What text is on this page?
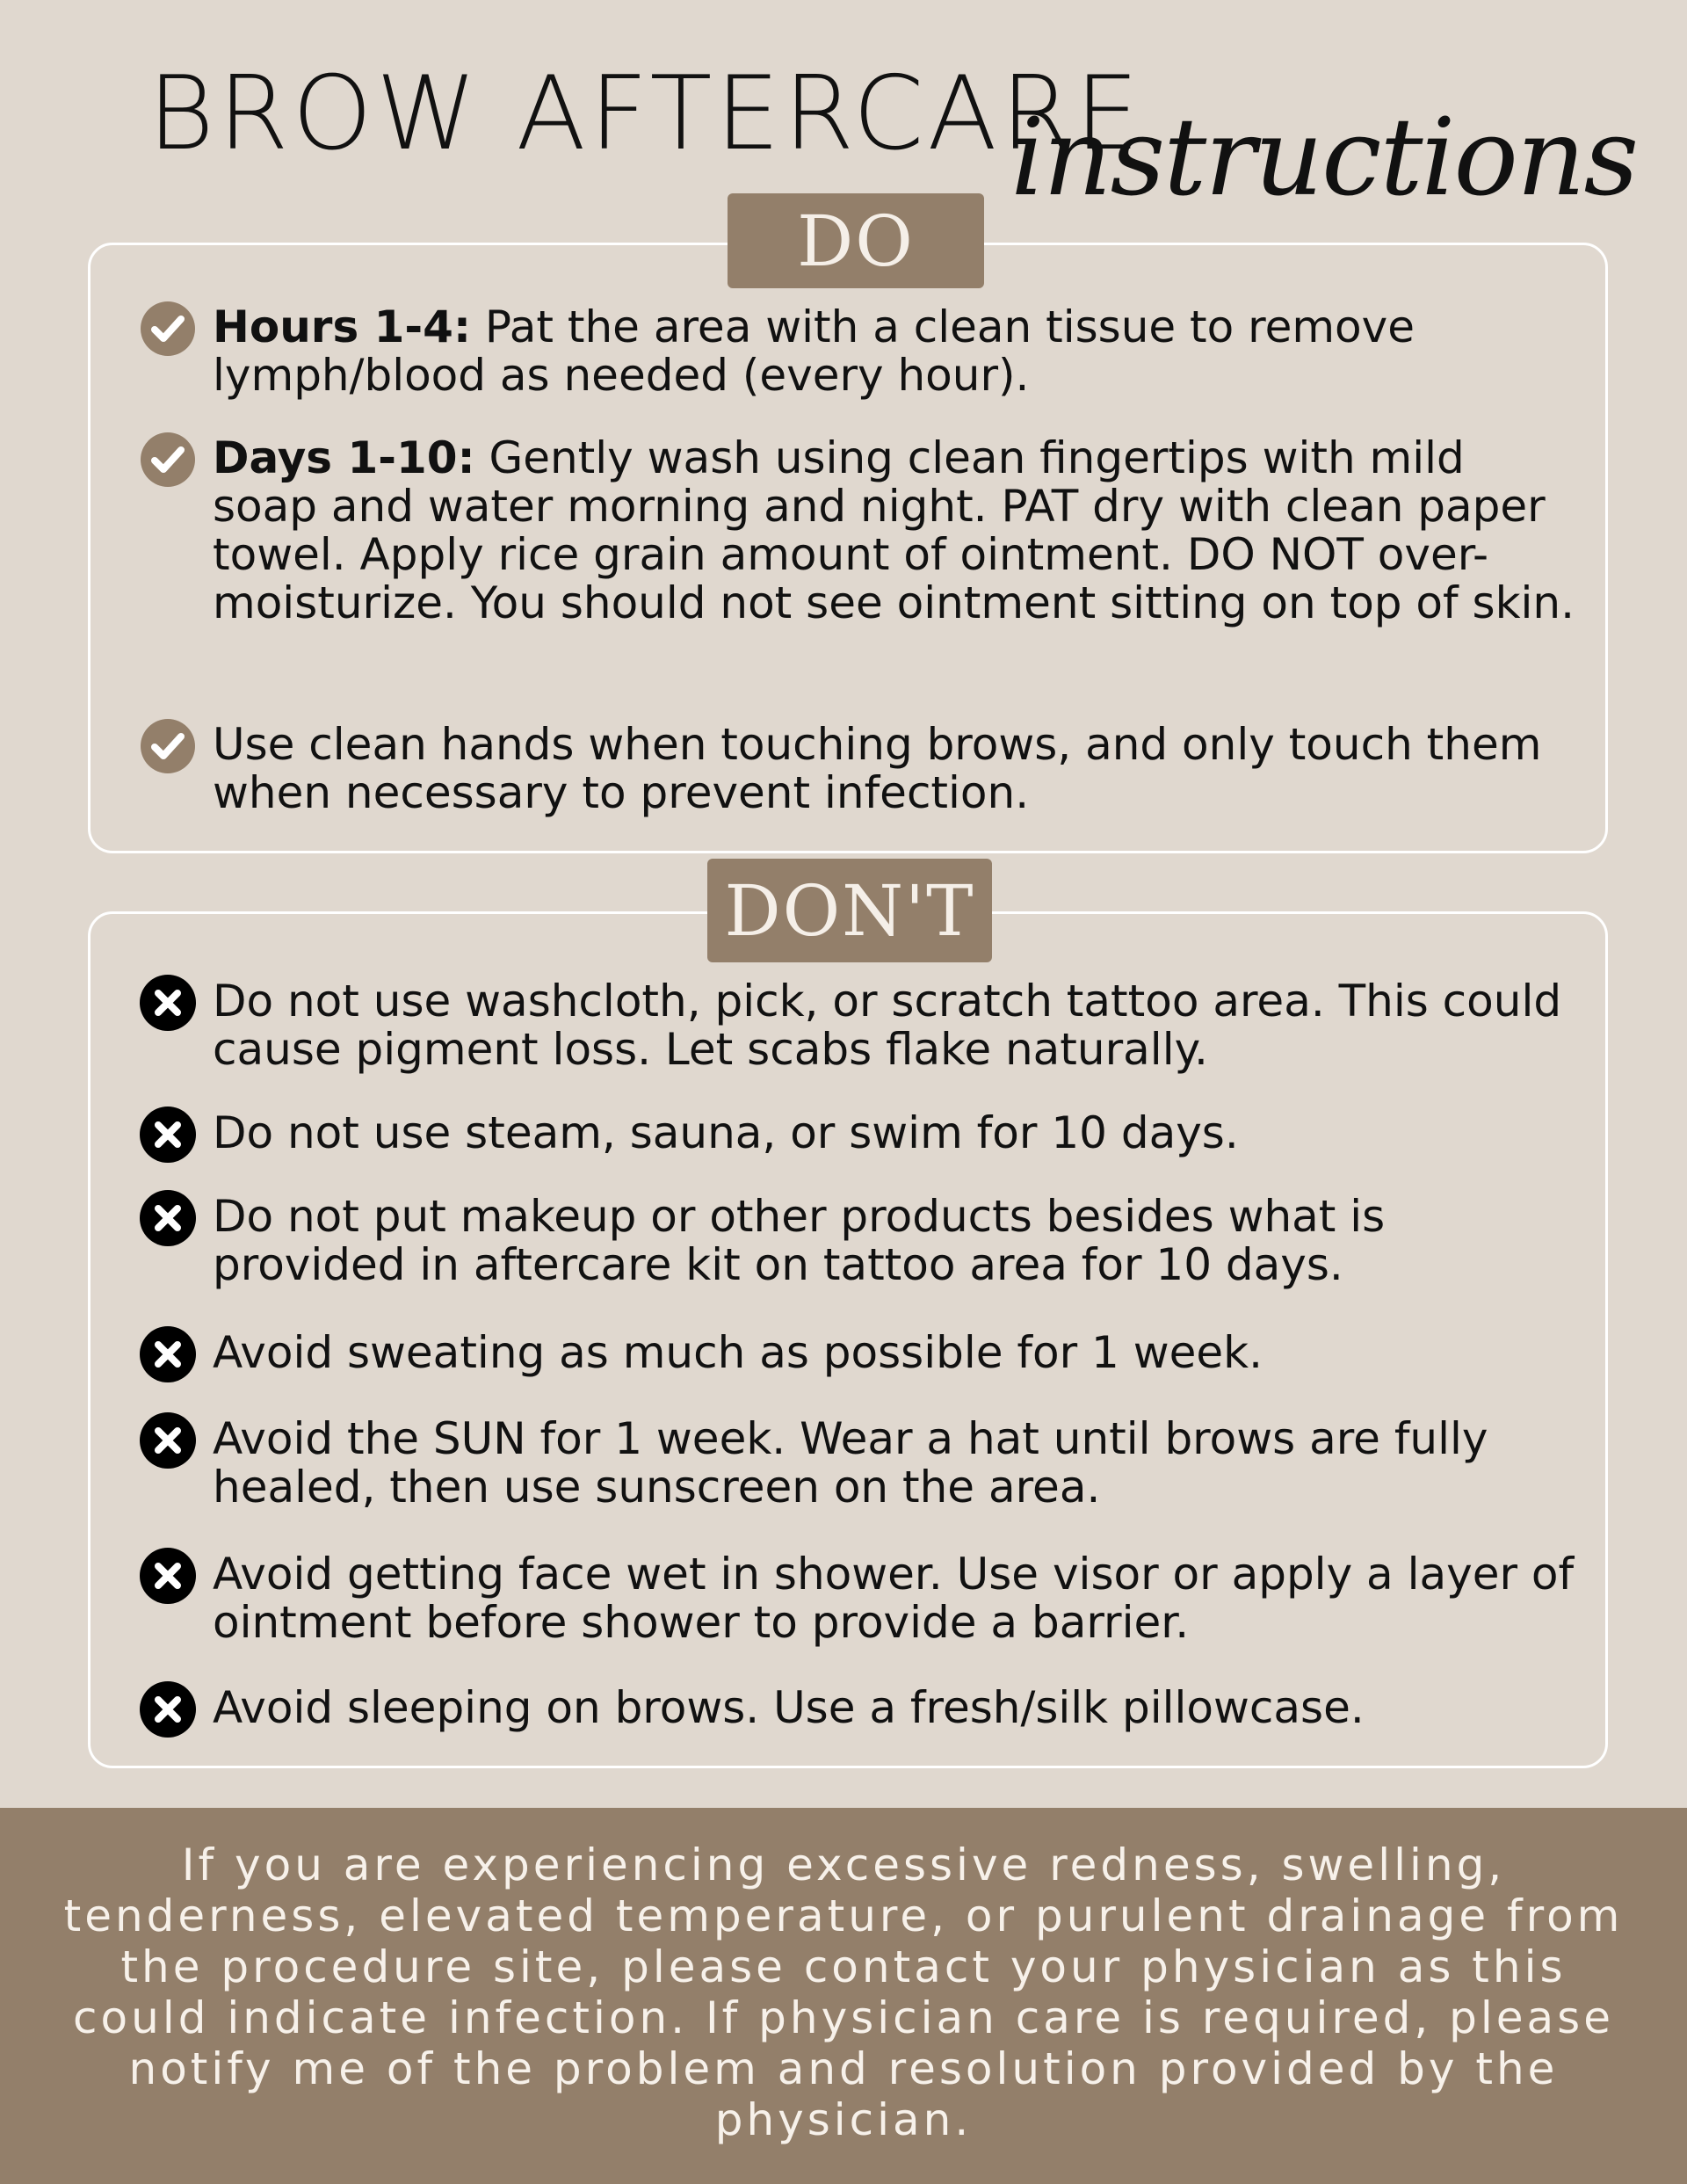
BROW AFTERCARE
instructions
DO
Hours 1-4: Pat the area with a clean tissue to remove lymph/blood as needed (every hour).
Days 1-10: Gently wash using clean fingertips with mild soap and water morning and night. PAT dry with clean paper towel. Apply rice grain amount of ointment. DO NOT over-moisturize. You should not see ointment sitting on top of skin.
Use clean hands when touching brows, and only touch them when necessary to prevent infection.
DON'T
Do not use washcloth, pick, or scratch tattoo area. This could cause pigment loss. Let scabs flake naturally.
Do not use steam, sauna, or swim for 10 days.
Do not put makeup or other products besides what is provided in aftercare kit on tattoo area for 10 days.
Avoid sweating as much as possible for 1 week.
Avoid the SUN for 1 week. Wear a hat until brows are fully healed, then use sunscreen on the area.
Avoid getting face wet in shower. Use visor or apply a layer of ointment before shower to provide a barrier.
Avoid sleeping on brows. Use a fresh/silk pillowcase.
If you are experiencing excessive redness, swelling, tenderness, elevated temperature, or purulent drainage from the procedure site, please contact your physician as this could indicate infection. If physician care is required, please notify me of the problem and resolution provided by the physician.
